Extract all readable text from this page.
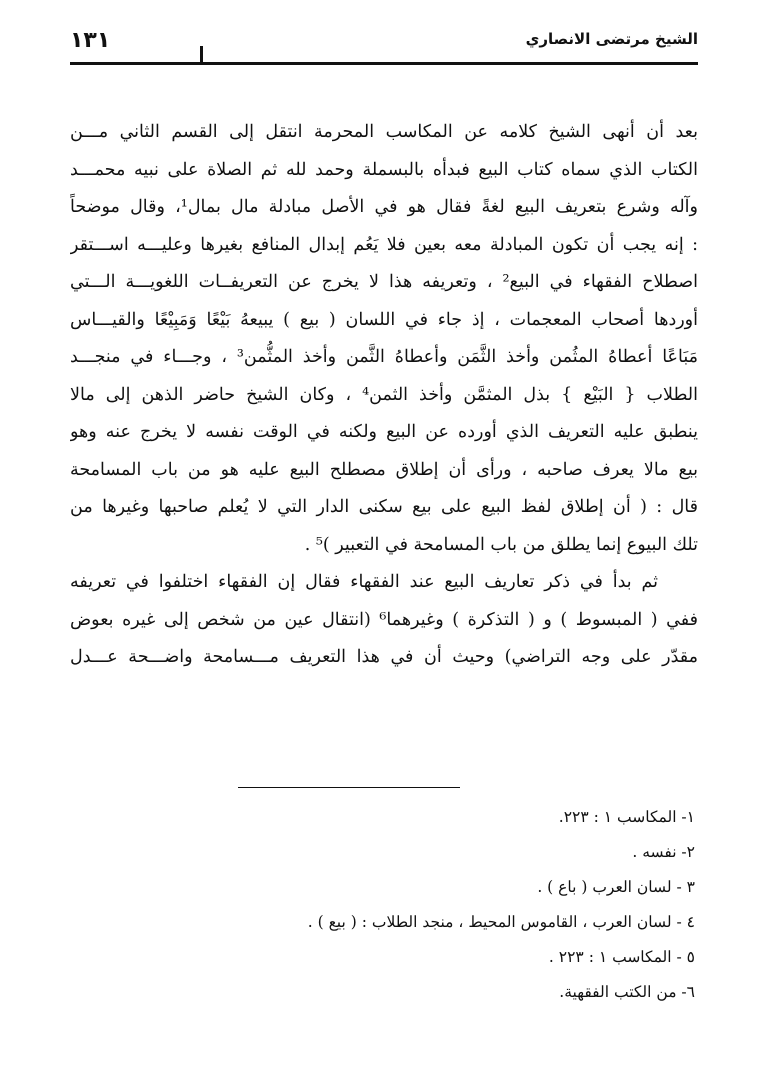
الشيخ مرتضى الانصاري
١٣١
بعد أن أنهى الشيخ كلامه عن المكاسب المحرمة انتقل إلى القسم الثاني مـــن
الكتاب الذي سماه كتاب البيع فبدأه بالبسملة وحمد لله ثم الصلاة على نبيه محمـــد
وآله وشرع بتعريف البيع لغةً فقال هو في الأصل مبادلة مال بمال¹، وقال موضحاً
: إنه يجب أن تكون المبادلة معه بعين فلا يَعُم إبدال المنافع بغيرها وعليـــه اســـتقر
اصطلاح الفقهاء في البيع² ، وتعريفه هذا لا يخرج عن التعريفــات اللغويـــة الـــتي
أوردها أصحاب المعجمات ، إذ جاء في اللسان ( بيع ) يبيعهُ بَيْعًا وَمَبِيْعًا والقيـــاس
مَبَاعًا أعطاهُ المثُمن وأخذ الثَّمَن وأعطاهُ الثَّمن وأخذ المثُّمن³ ، وجـــاء في منجـــد
الطلاب { البَيْع } بذل المثمَّن وأخذ الثمن⁴ ، وكان الشيخ حاضر الذهن إلى مالا
ينطبق عليه التعريف الذي أورده عن البيع ولكنه في الوقت نفسه لا يخرج عنه وهو
بيع مالا يعرف صاحبه ، ورأى أن إطلاق مصطلح البيع عليه هو من باب المسامحة
قال : ( أن إطلاق لفظ البيع على بيع سكنى الدار التي لا يُعلم صاحبها وغيرها من
تلك البيوع إنما يطلق من باب المسامحة في التعبير )⁵ .
ثم بدأ في ذكر تعاريف البيع عند الفقهاء فقال إن الفقهاء اختلفوا في تعريفه
ففي ( المبسوط ) و ( التذكرة ) وغيرهما⁶ (انتقال عين من شخص إلى غيره بعوض
مقدّر على وجه التراضي) وحيث أن في هذا التعريف مـــسامحة واضـــحة عـــدل
١- المكاسب ١ : ٢٢٣.
٢- نفسه .
٣ - لسان العرب ( باع ) .
٤ - لسان العرب ، القاموس المحيط ، منجد الطلاب : ( بيع ) .
٥ - المكاسب ١ : ٢٢٣ .
٦- من الكتب الفقهية.
